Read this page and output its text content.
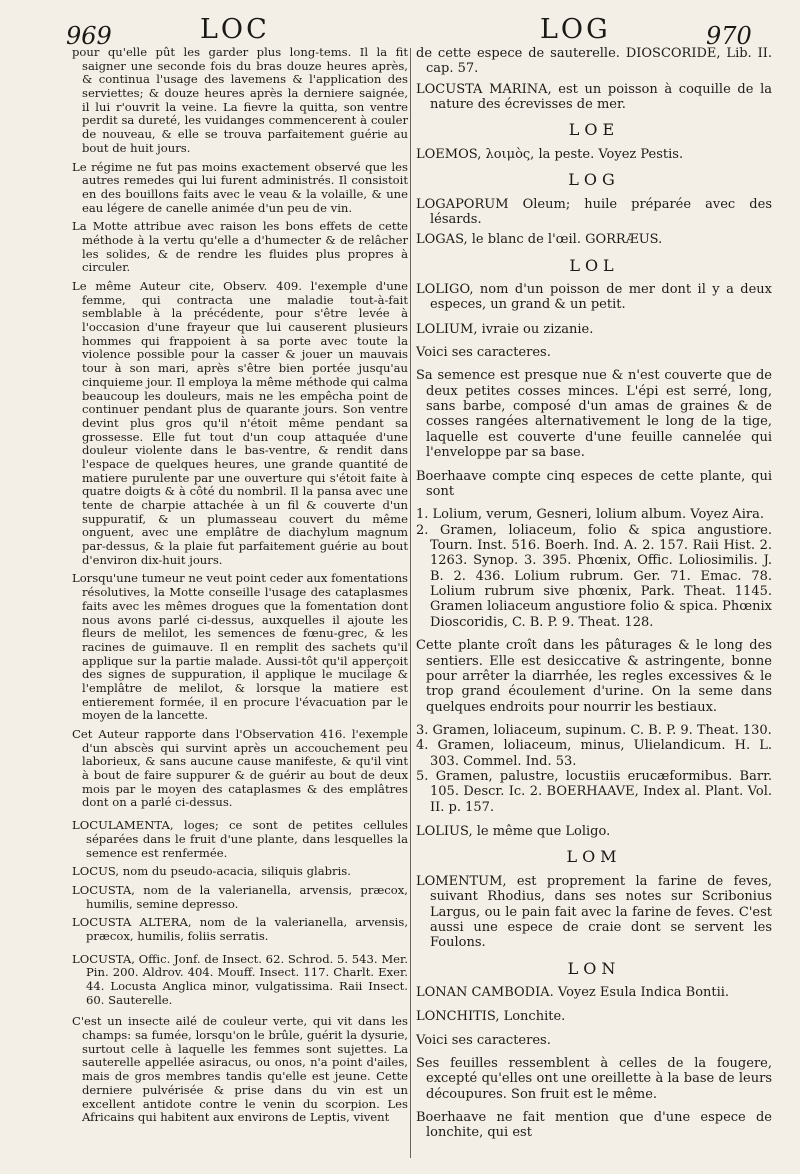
969	LOC	LOG	970

pour qu'elle pût les garder plus long-tems. Il la fit saigner une seconde fois du bras douze heures après, & continua l'usage des lavemens & l'application des serviettes; & douze heures après la derniere saignée, il lui r'ouvrit la veine. La fievre la quitta, son ventre perdit sa dureté, les vuidanges commencerent à couler de nouveau, & elle se trouva parfaitement guérie au bout de huit jours.

Le régime ne fut pas moins exactement observé que les autres remedes qui lui furent administrés. Il consistoit en des bouillons faits avec le veau & la volaille, & une eau légere de canelle animée d'un peu de vin.

La Motte attribue avec raison les bons effets de cette méthode à la vertu qu'elle a d'humecter & de relâcher les solides, & de rendre les fluides plus propres à circuler.

Le même Auteur cite, Observ. 409. l'exemple d'une femme, qui contracta une maladie tout-à-fait semblable à la précédente, pour s'être levée à l'occasion d'une frayeur que lui causerent plusieurs hommes qui frappoient à sa porte avec toute la violence possible pour la casser & jouer un mauvais tour à son mari, après s'être bien portée jusqu'au cinquieme jour. Il employa la même méthode qui calma beaucoup les douleurs, mais ne les empêcha point de continuer pendant plus de quarante jours. Son ventre devint plus gros qu'il n'étoit même pendant sa grossesse. Elle fut tout d'un coup attaquée d'une douleur violente dans le bas-ventre, & rendit dans l'espace de quelques heures, une grande quantité de matiere purulente par une ouverture qui s'étoit faite à quatre doigts & à côté du nombril. Il la pansa avec une tente de charpie attachée à un fil & couverte d'un suppuratif, & un plumasseau couvert du même onguent, avec une emplâtre de diachylum magnum par-dessus, & la plaie fut parfaitement guérie au bout d'environ dix-huit jours.

Lorsqu'une tumeur ne veut point ceder aux fomentations résolutives, la Motte conseille l'usage des cataplasmes faits avec les mêmes drogues que la fomentation dont nous avons parlé ci-dessus, auxquelles il ajoute les fleurs de melilot, les semences de fœnu-grec, & les racines de guimauve. Il en remplit des sachets qu'il applique sur la partie malade. Aussi-tôt qu'il apperçoit des signes de suppuration, il applique le mucilage & l'emplâtre de melilot, & lorsque la matiere est entierement formée, il en procure l'évacuation par le moyen de la lancette.

Cet Auteur rapporte dans l'Observation 416. l'exemple d'un abscès qui survint après un accouchement peu laborieux, & sans aucune cause manifeste, & qu'il vint à bout de faire suppurer & de guérir au bout de deux mois par le moyen des cataplasmes & des emplâtres dont on a parlé ci-dessus.

LOCULAMENTA, loges; ce sont de petites cellules séparées dans le fruit d'une plante, dans lesquelles la semence est renfermée.

LOCUS, nom du pseudo-acacia, siliquis glabris.

LOCUSTA, nom de la valerianella, arvensis, præcox, humilis, semine depresso.

LOCUSTA ALTERA, nom de la valerianella, arvensis, præcox, humilis, foliis serratis.

LOCUSTA, Offic. Jonf. de Insect. 62. Schrod. 5. 543. Mer. Pin. 200. Aldrov. 404. Mouff. Insect. 117. Charlt. Exer. 44. Locusta Anglica minor, vulgatissima. Raii Insect. 60. Sauterelle.

C'est un insecte ailé de couleur verte, qui vit dans les champs: sa fumée, lorsqu'on le brûle, guérit la dysurie, surtout celle à laquelle les femmes sont sujettes. La sauterelle appellée asiracus, ou onos, n'a point d'ailes, mais de gros membres tandis qu'elle est jeune. Cette derniere pulvérisée & prise dans du vin est un excellent antidote contre le venin du scorpion. Les Africains qui habitent aux environs de Leptis, vivent

de cette espece de sauterelle. DIOSCORIDE, Lib. II. cap. 57.

LOCUSTA MARINA, est un poisson à coquille de la nature des écrevisses de mer.

LOE

LOEMOS, λοιμὸς, la peste. Voyez Pestis.

LOG

LOGAPORUM Oleum; huile préparée avec des lésards.

LOGAS, le blanc de l'œil. GORRÆUS.

LOL

LOLIGO, nom d'un poisson de mer dont il y a deux especes, un grand & un petit.

LOLIUM, ivraie ou zizanie.

Voici ses caracteres.

Sa semence est presque nue & n'est couverte que de deux petites cosses minces. L'épi est serré, long, sans barbe, composé d'un amas de graines & de cosses rangées alternativement le long de la tige, laquelle est couverte d'une feuille cannelée qui l'enveloppe par sa base.

Boerhaave compte cinq especes de cette plante, qui sont

1. Lolium, verum, Gesneri, lolium album. Voyez Aira.

2. Gramen, loliaceum, folio & spica angustiore. Tourn. Inst. 516. Boerh. Ind. A. 2. 157. Raii Hist. 2. 1263. Synop. 3. 395. Phœnix, Offic. Loliosimilis. J. B. 2. 436. Lolium rubrum. Ger. 71. Emac. 78. Lolium rubrum sive phœnix, Park. Theat. 1145. Gramen loliaceum angustiore folio & spica. Phœnix Dioscoridis, C. B. P. 9. Theat. 128.

Cette plante croît dans les pâturages & le long des sentiers. Elle est desiccative & astringente, bonne pour arrêter la diarrhée, les regles excessives & le trop grand écoulement d'urine. On la seme dans quelques endroits pour nourrir les bestiaux.

3. Gramen, loliaceum, supinum. C. B. P. 9. Theat. 130.

4. Gramen, loliaceum, minus, Ulielandicum. H. L. 303. Commel. Ind. 53.

5. Gramen, palustre, locustiis erucæformibus. Barr. 105. Descr. Ic. 2. BOERHAAVE, Index al. Plant. Vol. II. p. 157.

LOLIUS, le même que Loligo.

LOM

LOMENTUM, est proprement la farine de feves, suivant Rhodius, dans ses notes sur Scribonius Largus, ou le pain fait avec la farine de feves. C'est aussi une espece de craie dont se servent les Foulons.

LON

LONAN CAMBODIA. Voyez Esula Indica Bontii.

LONCHITIS, Lonchite.

Voici ses caracteres.

Ses feuilles ressemblent à celles de la fougere, excepté qu'elles ont une oreillette à la base de leurs découpures. Son fruit est le même.

Boerhaave ne fait mention que d'une espece de lonchite, qui est
